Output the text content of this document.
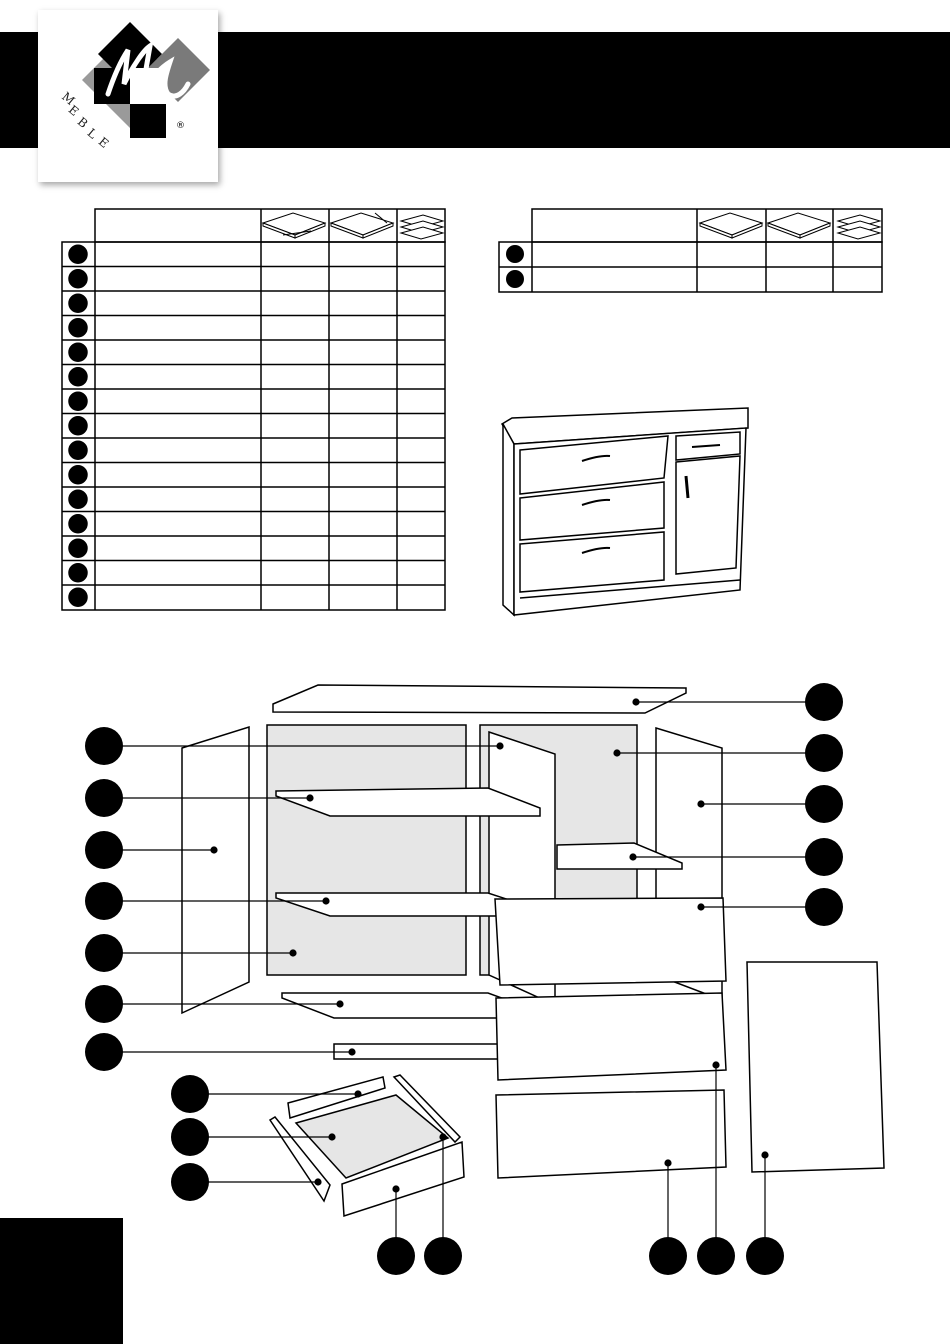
®
M
E
B
L
E
